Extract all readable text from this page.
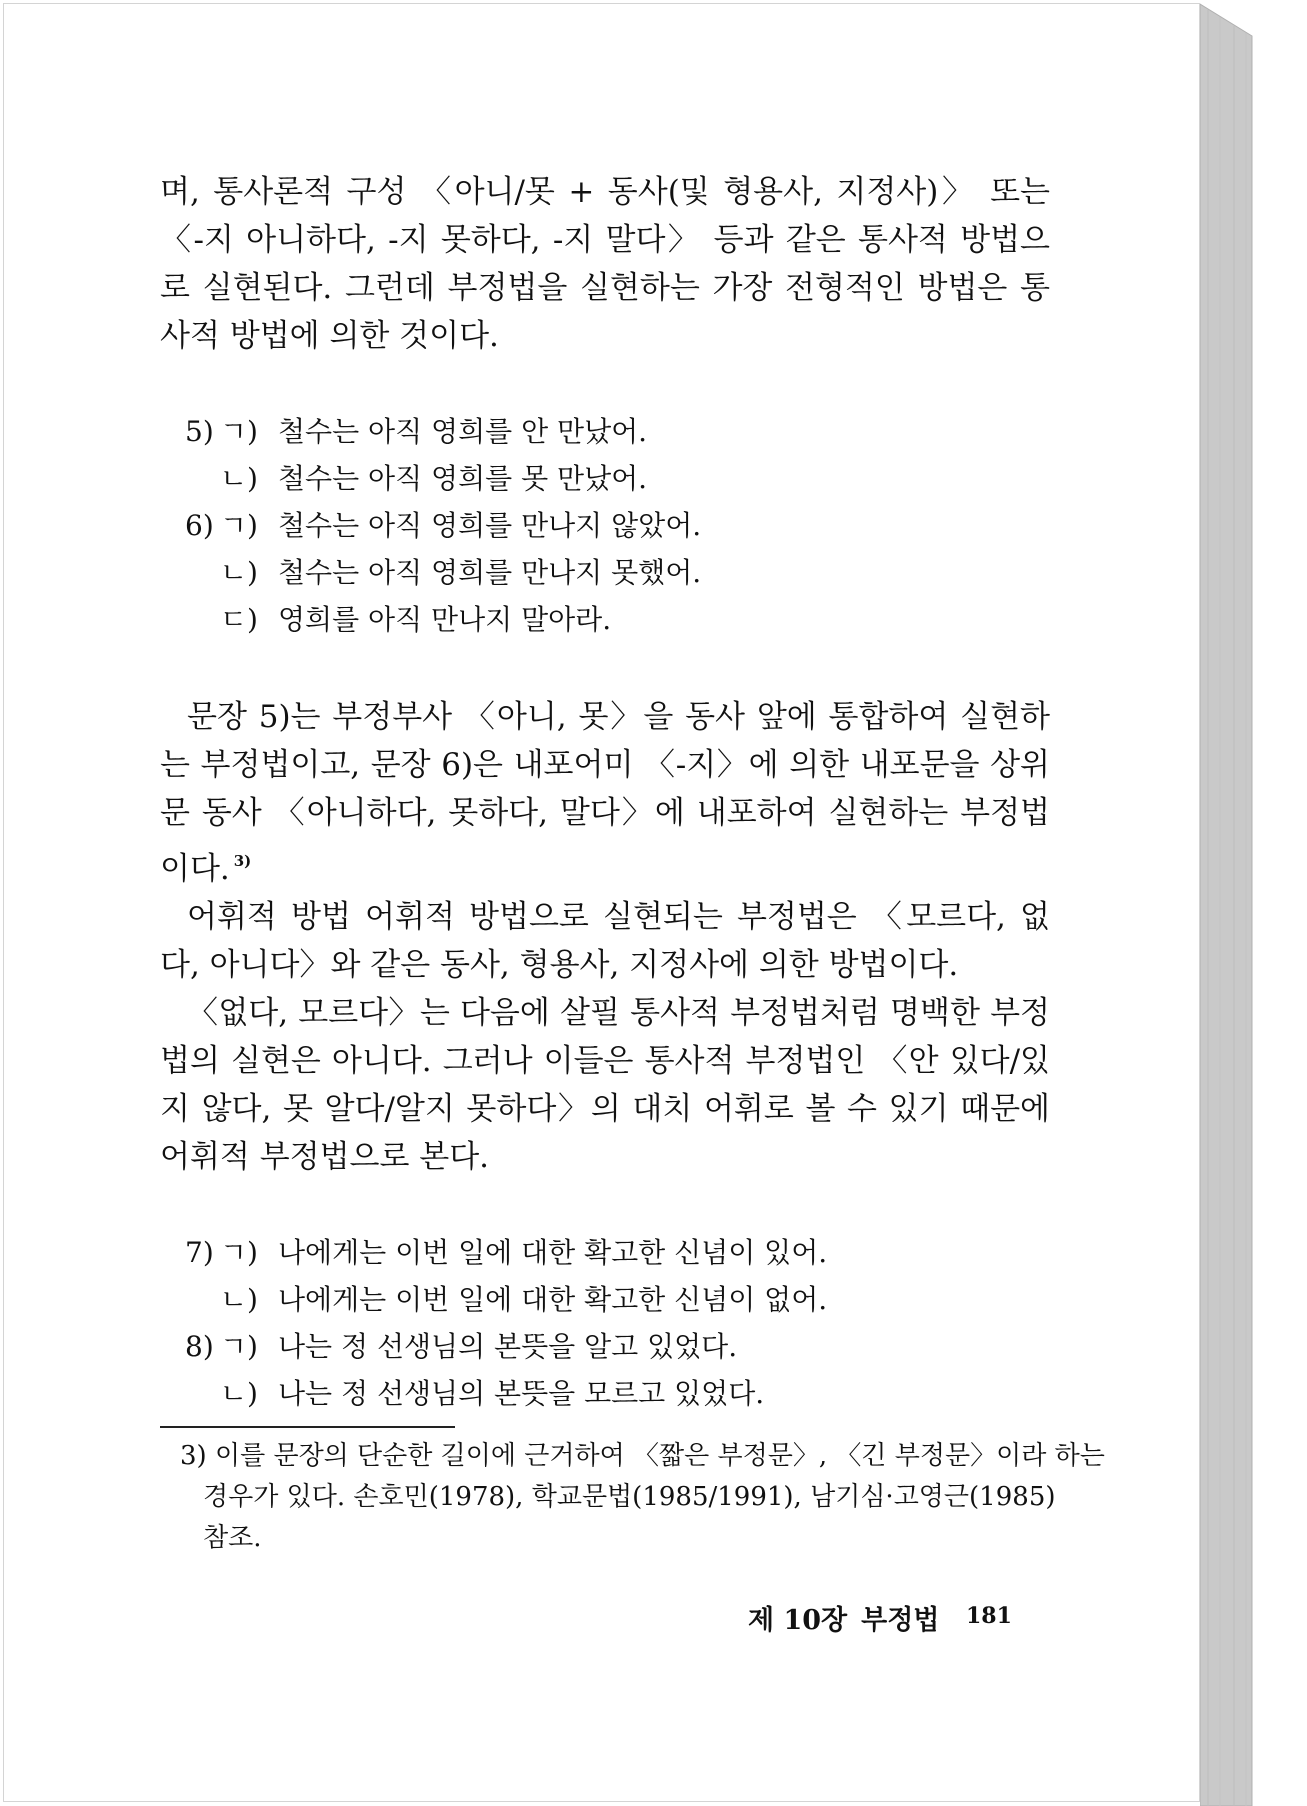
며, 통사론적 구성 〈아니/못 + 동사(및 형용사, 지정사)〉 또는 〈-지 아니하다, -지 못하다, -지 말다〉 등과 같은 통사적 방법으로 실현된다. 그런데 부정법을 실현하는 가장 전형적인 방법은 통사적 방법에 의한 것이다.

5) ㄱ) 철수는 아직 영희를 안 만났어.
ㄴ) 철수는 아직 영희를 못 만났어.
6) ㄱ) 철수는 아직 영희를 만나지 않았어.
ㄴ) 철수는 아직 영희를 만나지 못했어.
ㄷ) 영희를 아직 만나지 말아라.

문장 5)는 부정부사 〈아니, 못〉을 동사 앞에 통합하여 실현하는 부정법이고, 문장 6)은 내포어미 〈-지〉에 의한 내포문을 상위문 동사 〈아니하다, 못하다, 말다〉에 내포하여 실현하는 부정법이다. $^{3)}$

어휘적 방법 어휘적 방법으로 실현되는 부정법은 〈모르다, 없다, 아니다〉와 같은 동사, 형용사, 지정사에 의한 방법이다.

〈없다, 모르다〉는 다음에 살필 통사적 부정법처럼 명백한 부정법의 실현은 아니다. 그러나 이들은 통사적 부정법인 〈안 있다/있지 않다, 못 알다/알지 못하다〉의 대치 어휘로 볼 수 있기 때문에 어휘적 부정법으로 본다.

7) ㄱ) 나에게는 이번 일에 대한 확고한 신념이 있어.
ㄴ) 나에게는 이번 일에 대한 확고한 신념이 없어.
8) ㄱ) 나는 정 선생님의 본뜻을 알고 있었다.
ㄴ) 나는 정 선생님의 본뜻을 모르고 있었다.
3) 이를 문장의 단순한 길이에 근거하여 〈짧은 부정문〉, 〈긴 부정문〉이라 하는
경우가 있다. 손호민(1978), 학교문법(1985/1991), 남기심·고영근(1985)
참조.
제 10장 부정법	181
